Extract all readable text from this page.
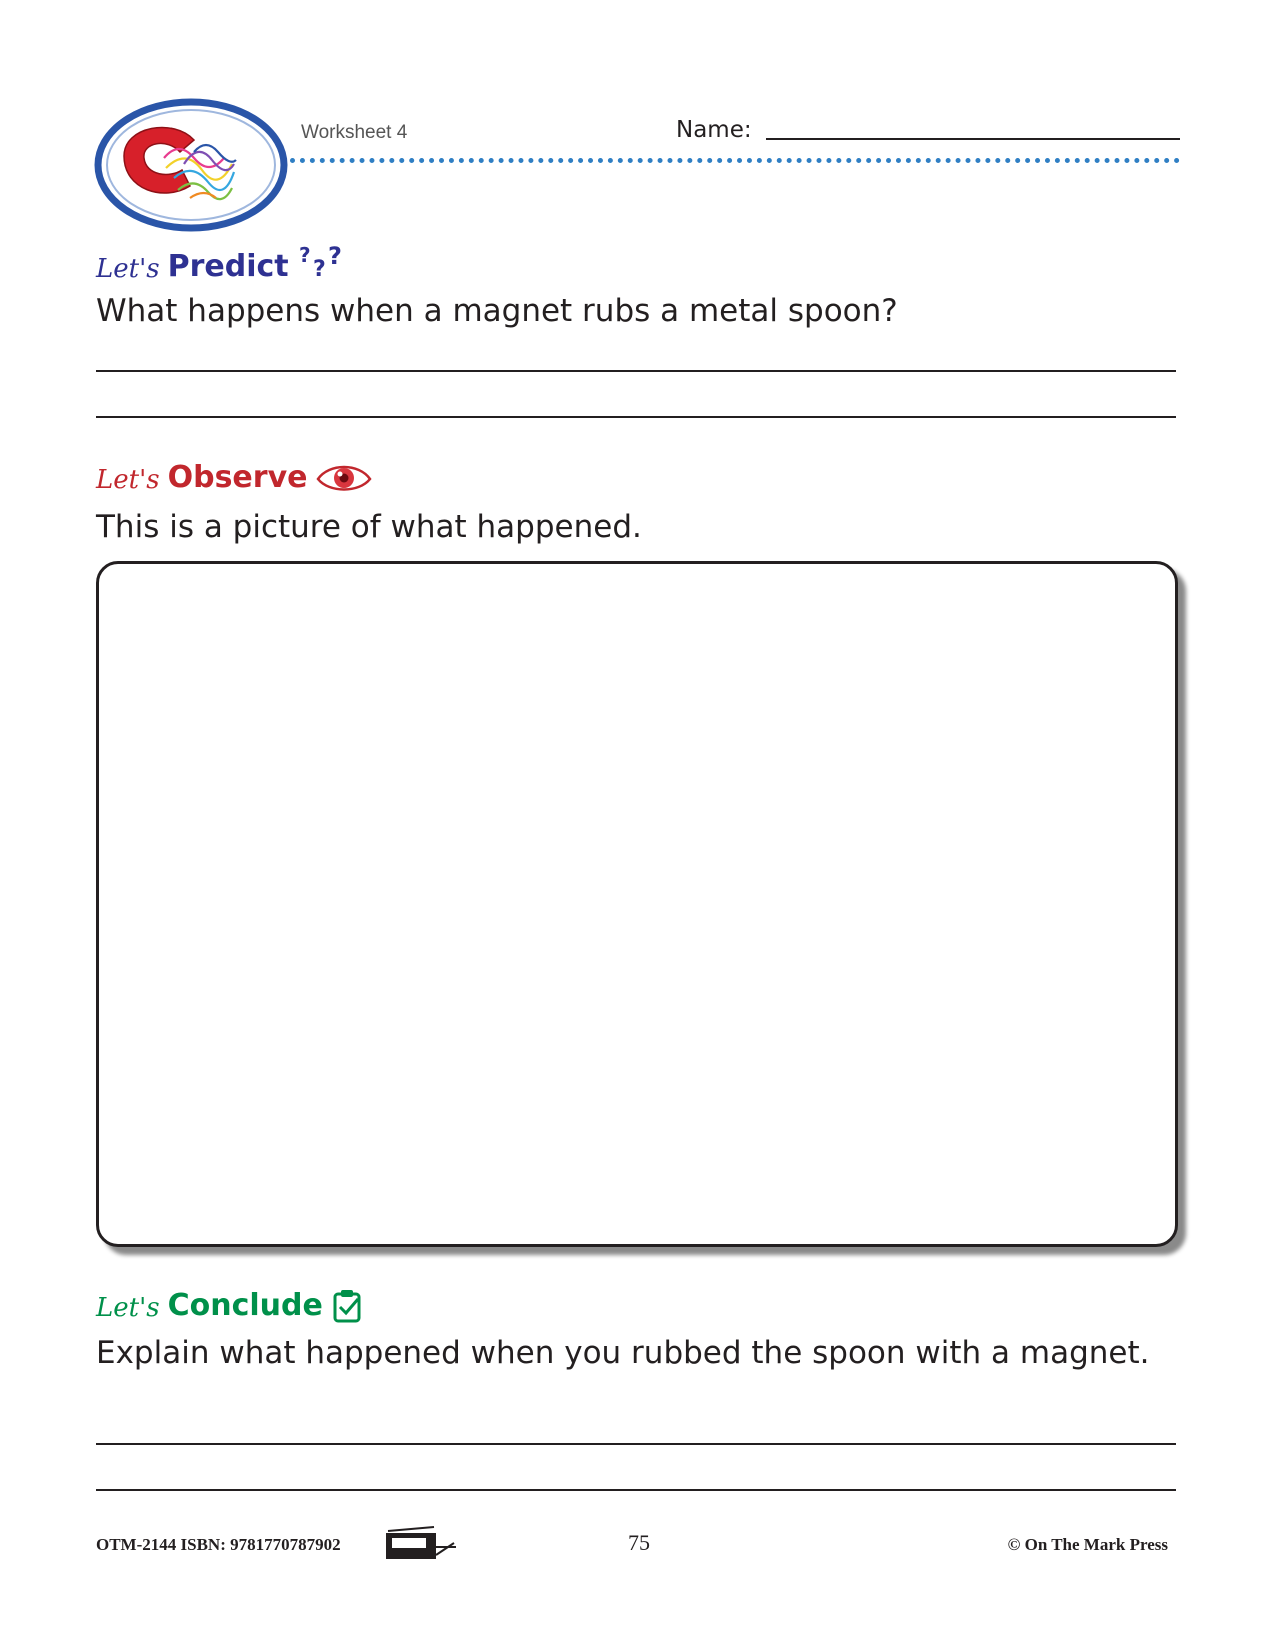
Worksheet 4	Name:
Let's Predict ?
? ?
What happens when a magnet rubs a metal spoon?
Let's Observe
This is a picture of what happened.
Let's Conclude
Explain what happened when you rubbed the spoon with a magnet.
OTM-2144 ISBN: 9781770787902	75	© On The Mark Press
